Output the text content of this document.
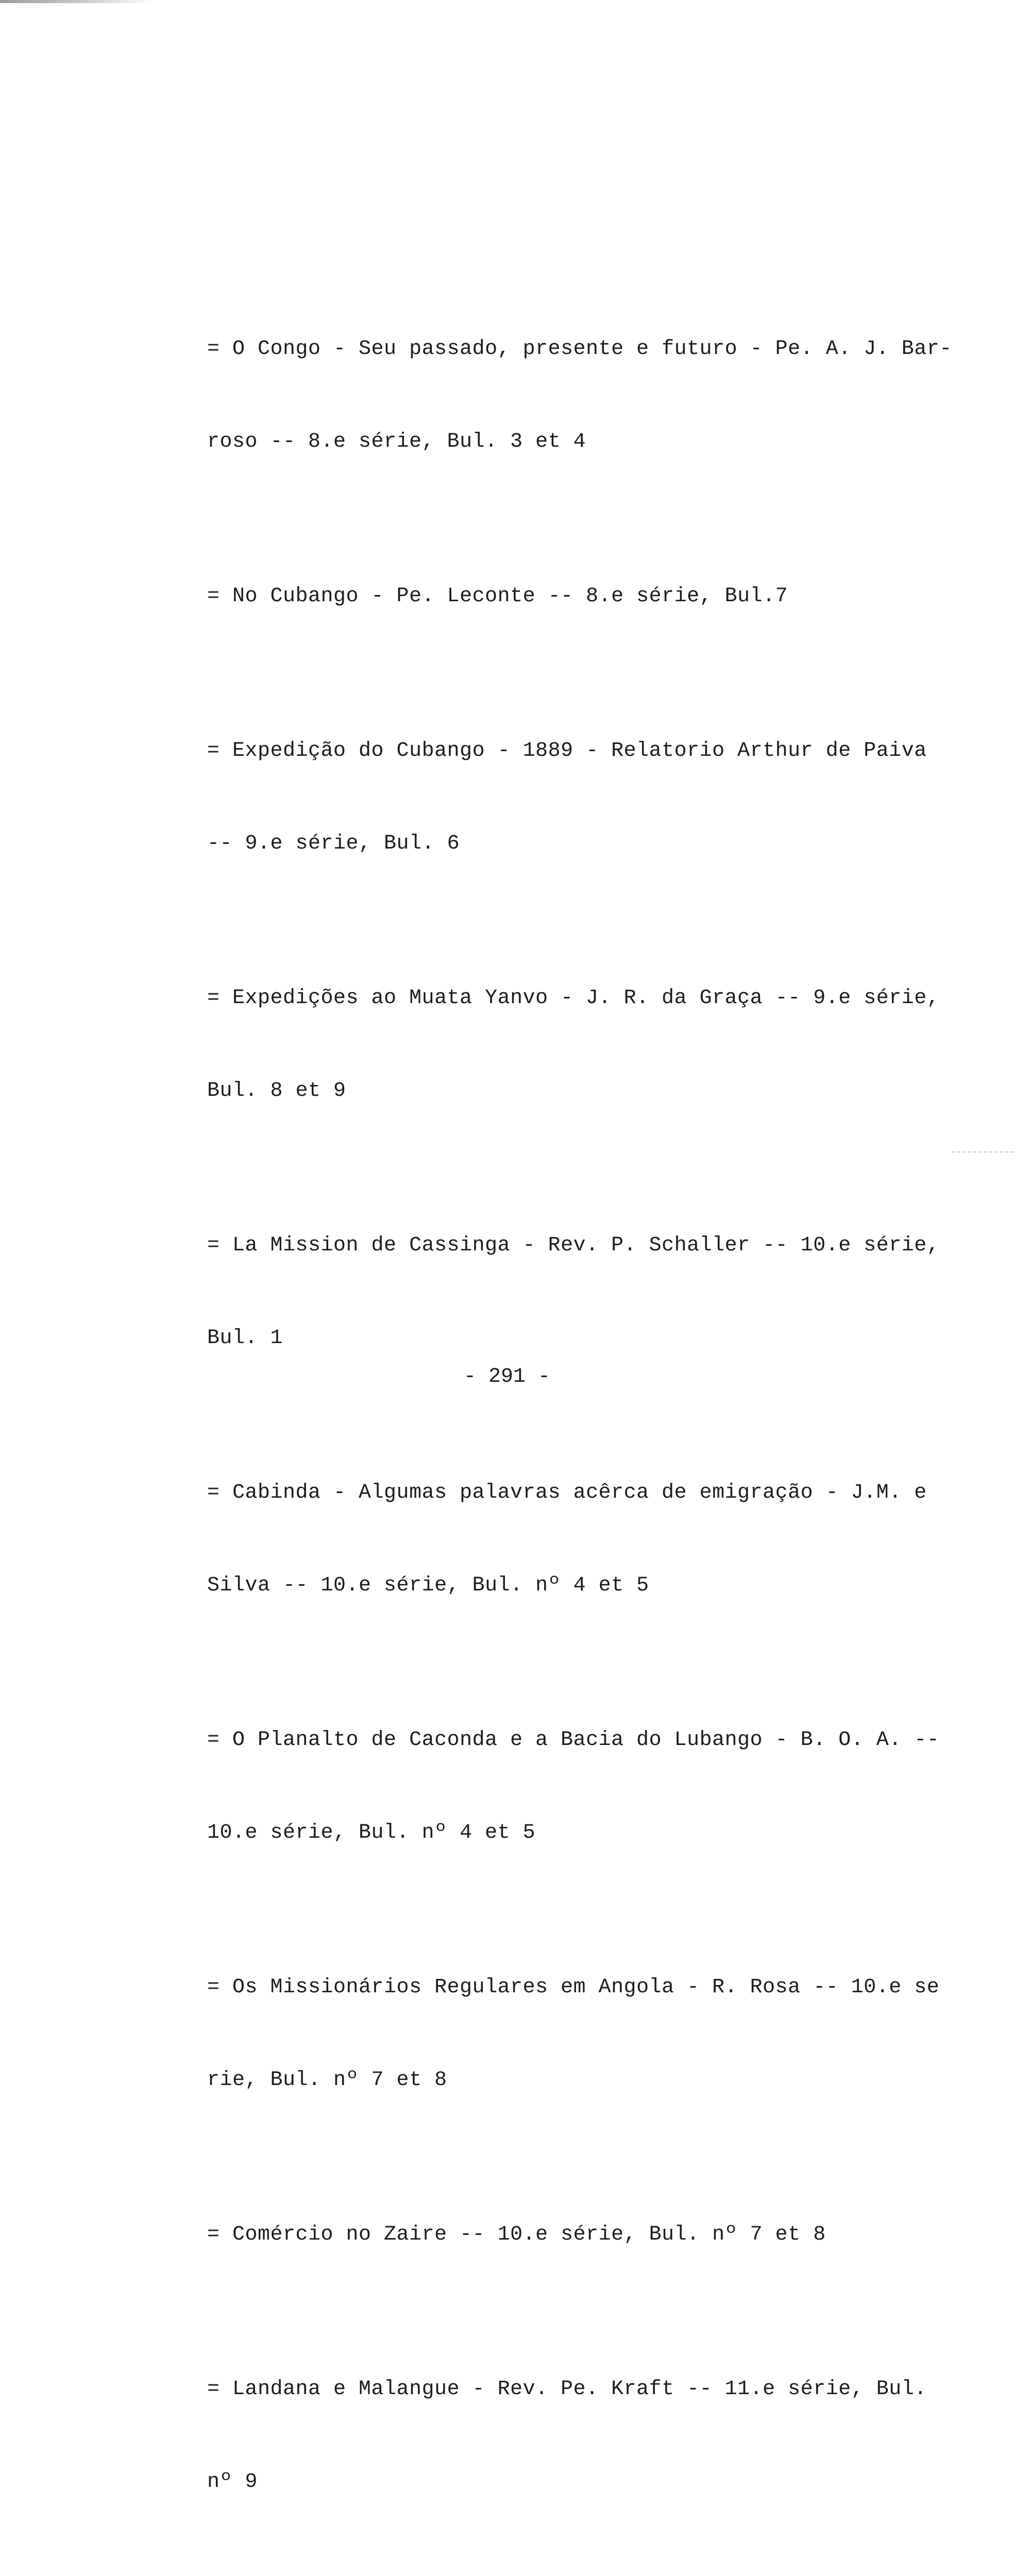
= O Congo - Seu passado, presente e futuro - Pe. A. J. Bar-

roso -- 8.e série, Bul. 3 et 4

= No Cubango - Pe. Leconte -- 8.e série, Bul.7

= Expedição do Cubango - 1889 - Relatorio Arthur de Paiva

-- 9.e série, Bul. 6

= Expedições ao Muata Yanvo - J. R. da Graça -- 9.e série,

Bul. 8 et 9

= La Mission de Cassinga - Rev. P. Schaller -- 10.e série,

Bul. 1

= Cabinda - Algumas palavras acêrca de emigração - J.M. e

Silva -- 10.e série, Bul. nº 4 et 5

= O Planalto de Caconda e a Bacia do Lubango - B. O. A. --

10.e série, Bul. nº 4 et 5

= Os Missionários Regulares em Angola - R. Rosa -- 10.e se

rie, Bul. nº 7 et 8

= Comércio no Zaire -- 10.e série, Bul. nº 7 et 8

= Landana e Malangue - Rev. Pe. Kraft -- 11.e série, Bul.

nº 9

- 291 -
